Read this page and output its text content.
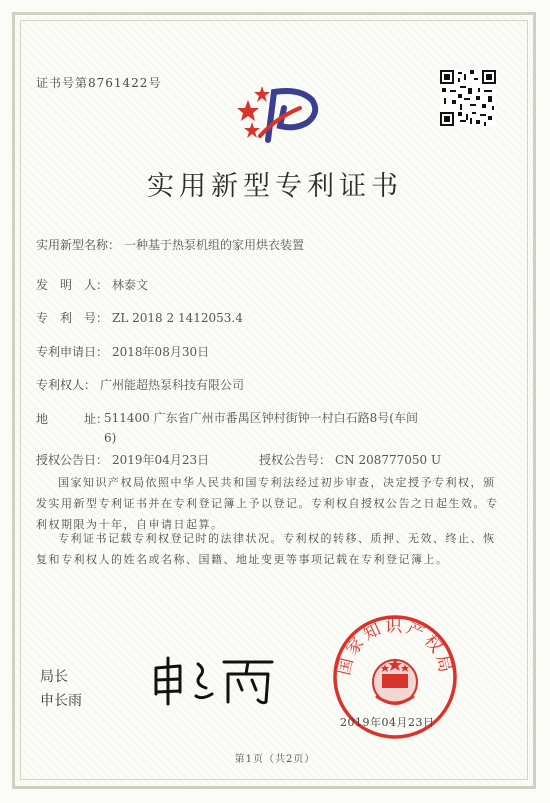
证书号第8761422号
实用新型专利证书
实用新型名称： 一种基于热泵机组的家用烘衣装置
发　明　人： 林泰文
专　利　号： ZL 2018 2 1412053.4
专利申请日： 2018年08月30日
专利权人： 广州能超热泵科技有限公司
地　　　址：
511400 广东省广州市番禺区钟村街钟一村白石路8号(车间6)
授权公告日： 2019年04月23日	授权公告号： CN 208777050 U
国家知识产权局依照中华人民共和国专利法经过初步审查，决定授予专利权，颁发实用新型专利证书并在专利登记簿上予以登记。专利权自授权公告之日起生效。专利权期限为十年，自申请日起算。
专利证书记载专利权登记时的法律状况。专利权的转移、质押、无效、终止、恢复和专利权人的姓名或名称、国籍、地址变更等事项记载在专利登记簿上。
局长
申长雨
国家知识产权局
2019年04月23日
第1页（共2页）
